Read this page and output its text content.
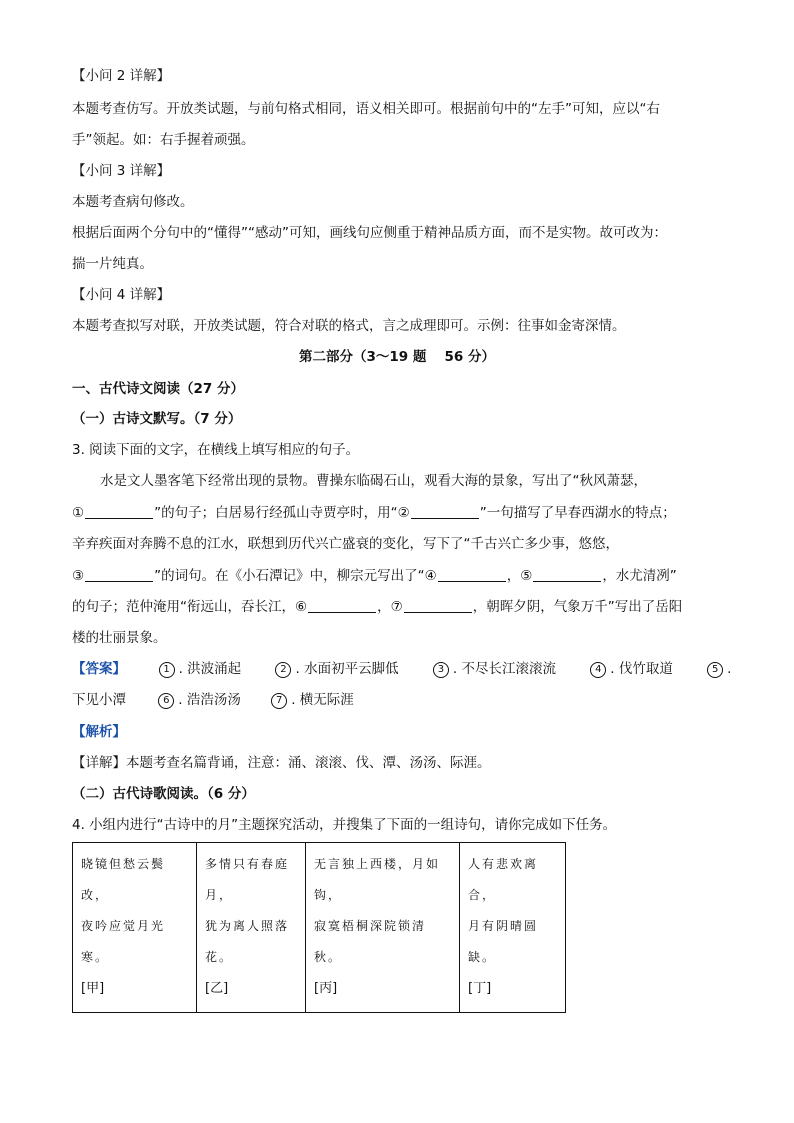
【小问 2 详解】
本题考查仿写。开放类试题，与前句格式相同，语义相关即可。根据前句中的“左手”可知，应以“右
手”领起。如：右手握着顽强。
【小问 3 详解】
本题考查病句修改。
根据后面两个分句中的“懂得”“感动”可知，画线句应侧重于精神品质方面，而不是实物。故可改为：
揣一片纯真。
【小问 4 详解】
本题考查拟写对联，开放类试题，符合对联的格式，言之成理即可。示例：往事如金寄深情。
第二部分（3～19 题　 56 分）
一、古代诗文阅读（27 分）
（一）古诗文默写。（7 分）
3. 阅读下面的文字，在横线上填写相应的句子。
水是文人墨客笔下经常出现的景物。曹操东临碣石山，观看大海的景象，写出了“秋风萧瑟，
①	”的句子；白居易行经孤山寺贾亭时，用“②	”一句描写了早春西湖水的特点；
辛弃疾面对奔腾不息的江水，联想到历代兴亡盛衰的变化，写下了“千古兴亡多少事，悠悠，
③	”的词句。在《小石潭记》中，柳宗元写出了“④	，⑤	，水尤清冽”
的句子；范仲淹用“衔远山，吞长江，⑥	，⑦	，朝晖夕阴，气象万千”写出了岳阳
楼的壮丽景象。
【答案】	1 . 洪波涌起	2 . 水面初平云脚低	3 . 不尽长江滚滚流	4 . 伐竹取道	5 .
下见小潭	6 . 浩浩汤汤	7 . 横无际涯
【解析】
【详解】本题考查名篇背诵，注意：涌、滚滚、伐、潭、汤汤、际涯。
（二）古代诗歌阅读。（6 分）
4. 小组内进行“古诗中的月”主题探究活动，并搜集了下面的一组诗句，请你完成如下任务。
晓镜但愁云鬓
改，
夜吟应觉月光
寒。
[甲]

多情只有春庭
月，
犹为离人照落
花。
[乙]

无言独上西楼，月如
钩，
寂寞梧桐深院锁清
秋。
[丙]

人有悲欢离
合，
月有阴晴圆
缺。
[丁]
